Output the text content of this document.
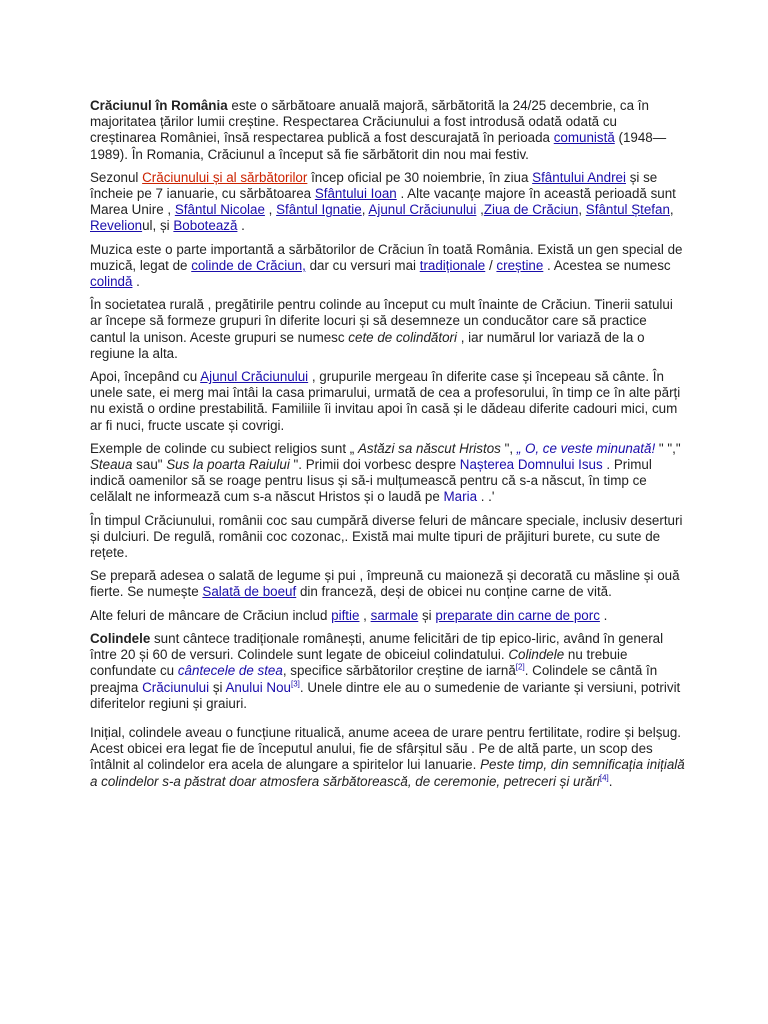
Crăciunul în România este o sărbătoare anuală majoră, sărbătorită la 24/25 decembrie, ca în majoritatea țărilor lumii creștine. Respectarea Crăciunului a fost introdusă odată odată cu creștinarea României, însă respectarea publică a fost descurajată în perioada comunistă (1948—1989). În Romania, Crăciunul a început să fie sărbătorit din nou mai festiv.

Sezonul Crăciunului și al sărbătorilor încep oficial pe 30 noiembrie, în ziua Sfântului Andrei și se încheie pe 7 ianuarie, cu sărbătoarea Sfântului Ioan . Alte vacanțe majore în această perioadă sunt Marea Unire , Sfântul Nicolae , Sfântul Ignatie, Ajunul Crăciunului ,Ziua de Crăciun, Sfântul Ștefan, Revelionul, și Bobotează .

Muzica este o parte importantă a sărbătorilor de Crăciun în toată România. Există un gen special de muzică, legat de colinde de Crăciun, dar cu versuri mai tradiționale / creștine . Acestea se numesc colindă .

În societatea rurală , pregătirile pentru colinde au început cu mult înainte de Crăciun. Tinerii satului ar începe să formeze grupuri în diferite locuri și să desemneze un conducător care să practice cantul la unison. Aceste grupuri se numesc cete de colindători , iar numărul lor variază de la o regiune la alta.

Apoi, începând cu Ajunul Crăciunului , grupurile mergeau în diferite case și începeau să cânte. În unele sate, ei merg mai întâi la casa primarului, urmată de cea a profesorului, în timp ce în alte părți nu există o ordine prestabilită. Familiile îi invitau apoi în casă și le dădeau diferite cadouri mici, cum ar fi nuci, fructe uscate și covrigi.

Exemple de colinde cu subiect religios sunt „ Astăzi sa născut Hristos ", „ O, ce veste minunată! " "," Steaua sau" Sus la poarta Raiului ". Primii doi vorbesc despre Nașterea Domnului Isus . Primul indică oamenilor să se roage pentru Iisus și să-i mulțumească pentru că s-a născut, în timp ce celălalt ne informează cum s-a născut Hristos și o laudă pe Maria . .'

În timpul Crăciunului, românii coc sau cumpără diverse feluri de mâncare speciale, inclusiv deserturi și dulciuri. De regulă, românii coc cozonac,. Există mai multe tipuri de prăjituri burete, cu sute de rețete.

Se prepară adesea o salată de legume și pui , împreună cu maioneză și decorată cu măsline și ouă fierte. Se numește Salată de boeuf din franceză, deși de obicei nu conține carne de vită.

Alte feluri de mâncare de Crăciun includ piftie , sarmale și preparate din carne de porc .

Colindele sunt cântece tradiționale românești, anume felicitări de tip epico-liric, având în general între 20 și 60 de versuri. Colindele sunt legate de obiceiul colindatului. Colindele nu trebuie confundate cu cântecele de stea, specifice sărbătorilor creștine de iarnă[2]. Colindele se cântă în preajma Crăciunului și Anului Nou[3]. Unele dintre ele au o sumedenie de variante și versiuni, potrivit diferitelor regiuni și graiuri.

Inițial, colindele aveau o funcțiune ritualică, anume aceea de urare pentru fertilitate, rodire și belșug. Acest obicei era legat fie de începutul anului, fie de sfârșitul său . Pe de altă parte, un scop des întâlnit al colindelor era acela de alungare a spiritelor lui Ianuarie. Peste timp, din semnificația inițială a colindelor s-a păstrat doar atmosfera sărbătorească, de ceremonie, petreceri și urări[4].
